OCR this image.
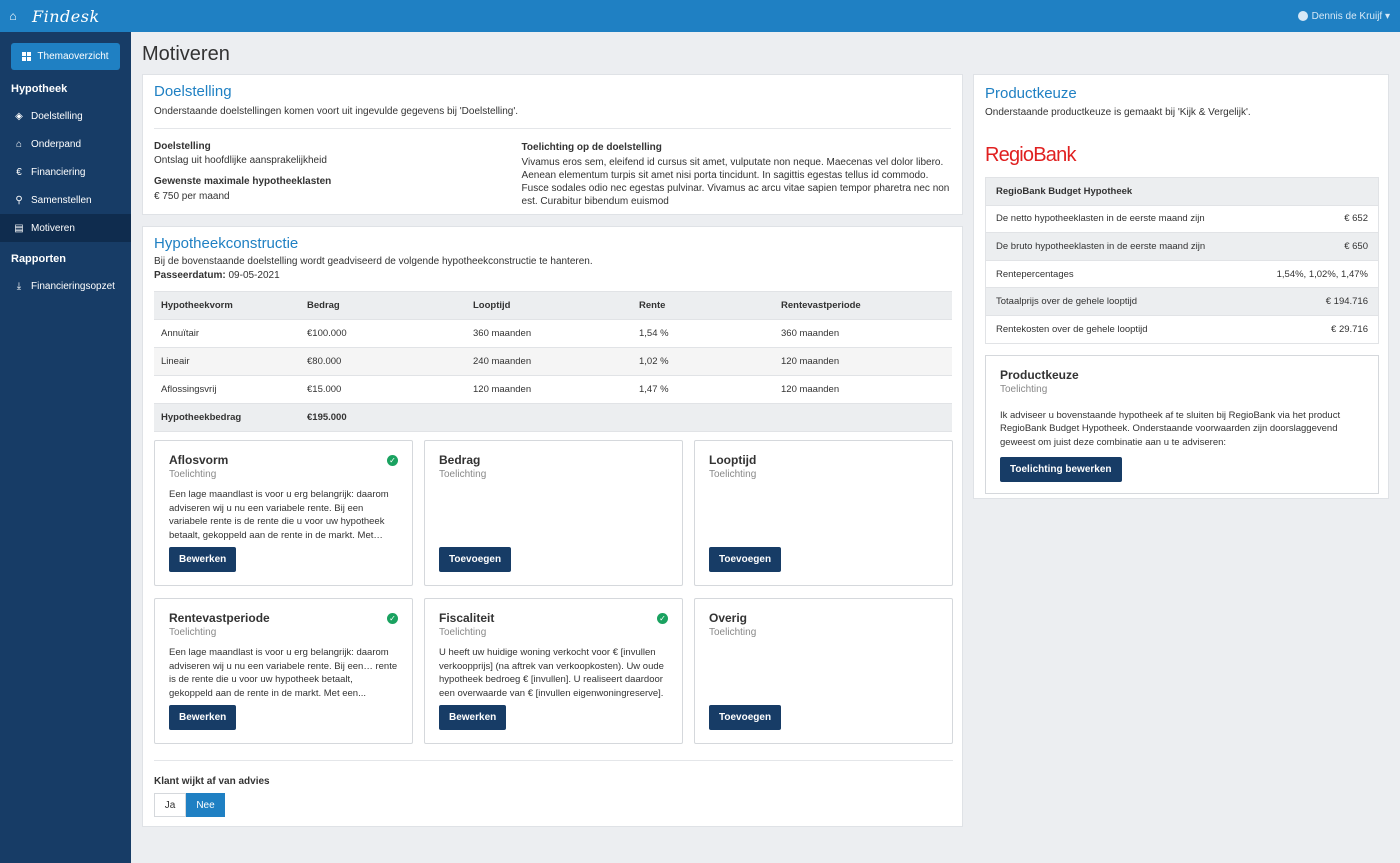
⌂ Findesk	Dennis de Kruijf ▾
Themaoverzicht
Hypotheek
◈ Doelstelling
⌂ Onderpand
€ Financiering
⚲ Samenstellen
▤ Motiveren
Rapporten
⤓ Financieringsopzet
Motiveren
Doelstelling
Onderstaande doelstellingen komen voort uit ingevulde gegevens bij 'Doelstelling'.
Doelstelling
Ontslag uit hoofdlijke aansprakelijkheid
Gewenste maximale hypotheeklasten
€ 750 per maand
Toelichting op de doelstelling
Vivamus eros sem, eleifend id cursus sit amet, vulputate non neque. Maecenas vel dolor libero. Aenean elementum turpis sit amet nisi porta tincidunt. In sagittis egestas tellus id commodo. Fusce sodales odio nec egestas pulvinar. Vivamus ac arcu vitae sapien tempor pharetra nec non est. Curabitur bibendum euismod
Hypotheekconstructie
Bij de bovenstaande doelstelling wordt geadviseerd de volgende hypotheekconstructie te hanteren.
Passeerdatum: 09-05-2021
Hypotheekvorm	Bedrag	Looptijd	Rente	Rentevastperiode
Annuïtair	€100.000	360 maanden	1,54 %	360 maanden
Lineair	€80.000	240 maanden	1,02 %	120 maanden
Aflossingsvrij	€15.000	120 maanden	1,47 %	120 maanden
Hypotheekbedrag	€195.000			
Aflosvorm
Toelichting
Een lage maandlast is voor u erg belangrijk: daarom adviseren wij u nu een variabele rente. Bij een variabele rente is de rente die u voor uw hypotheek betaalt, gekoppeld aan de rente in de markt. Met…
✓
Bewerken
Bedrag
Toelichting
Toevoegen
Looptijd
Toelichting
Toevoegen
Rentevastperiode
Toelichting
Een lage maandlast is voor u erg belangrijk: daarom adviseren wij u nu een variabele rente. Bij een… rente is de rente die u voor uw hypotheek betaalt, gekoppeld aan de rente in de markt. Met een...
✓
Bewerken
Fiscaliteit
Toelichting
U heeft uw huidige woning verkocht voor € [invullen verkoopprijs] (na aftrek van verkoopkosten). Uw oude hypotheek bedroeg € [invullen]. U realiseert daardoor een overwaarde van € [invullen eigenwoningreserve].
✓
Bewerken
Overig
Toelichting
Toevoegen
Klant wijkt af van advies
Ja	Nee
Productkeuze
Onderstaande productkeuze is gemaakt bij 'Kijk & Vergelijk'.
RegioBank
RegioBank Budget Hypotheek	
De netto hypotheeklasten in de eerste maand zijn	€ 652
De bruto hypotheeklasten in de eerste maand zijn	€ 650
Rentepercentages	1,54%, 1,02%, 1,47%
Totaalprijs over de gehele looptijd	€ 194.716
Rentekosten over de gehele looptijd	€ 29.716
Productkeuze
Toelichting
Ik adviseer u bovenstaande hypotheek af te sluiten bij RegioBank via het product RegioBank Budget Hypotheek. Onderstaande voorwaarden zijn doorslaggevend geweest om juist deze combinatie aan u te adviseren:
Toelichting bewerken
